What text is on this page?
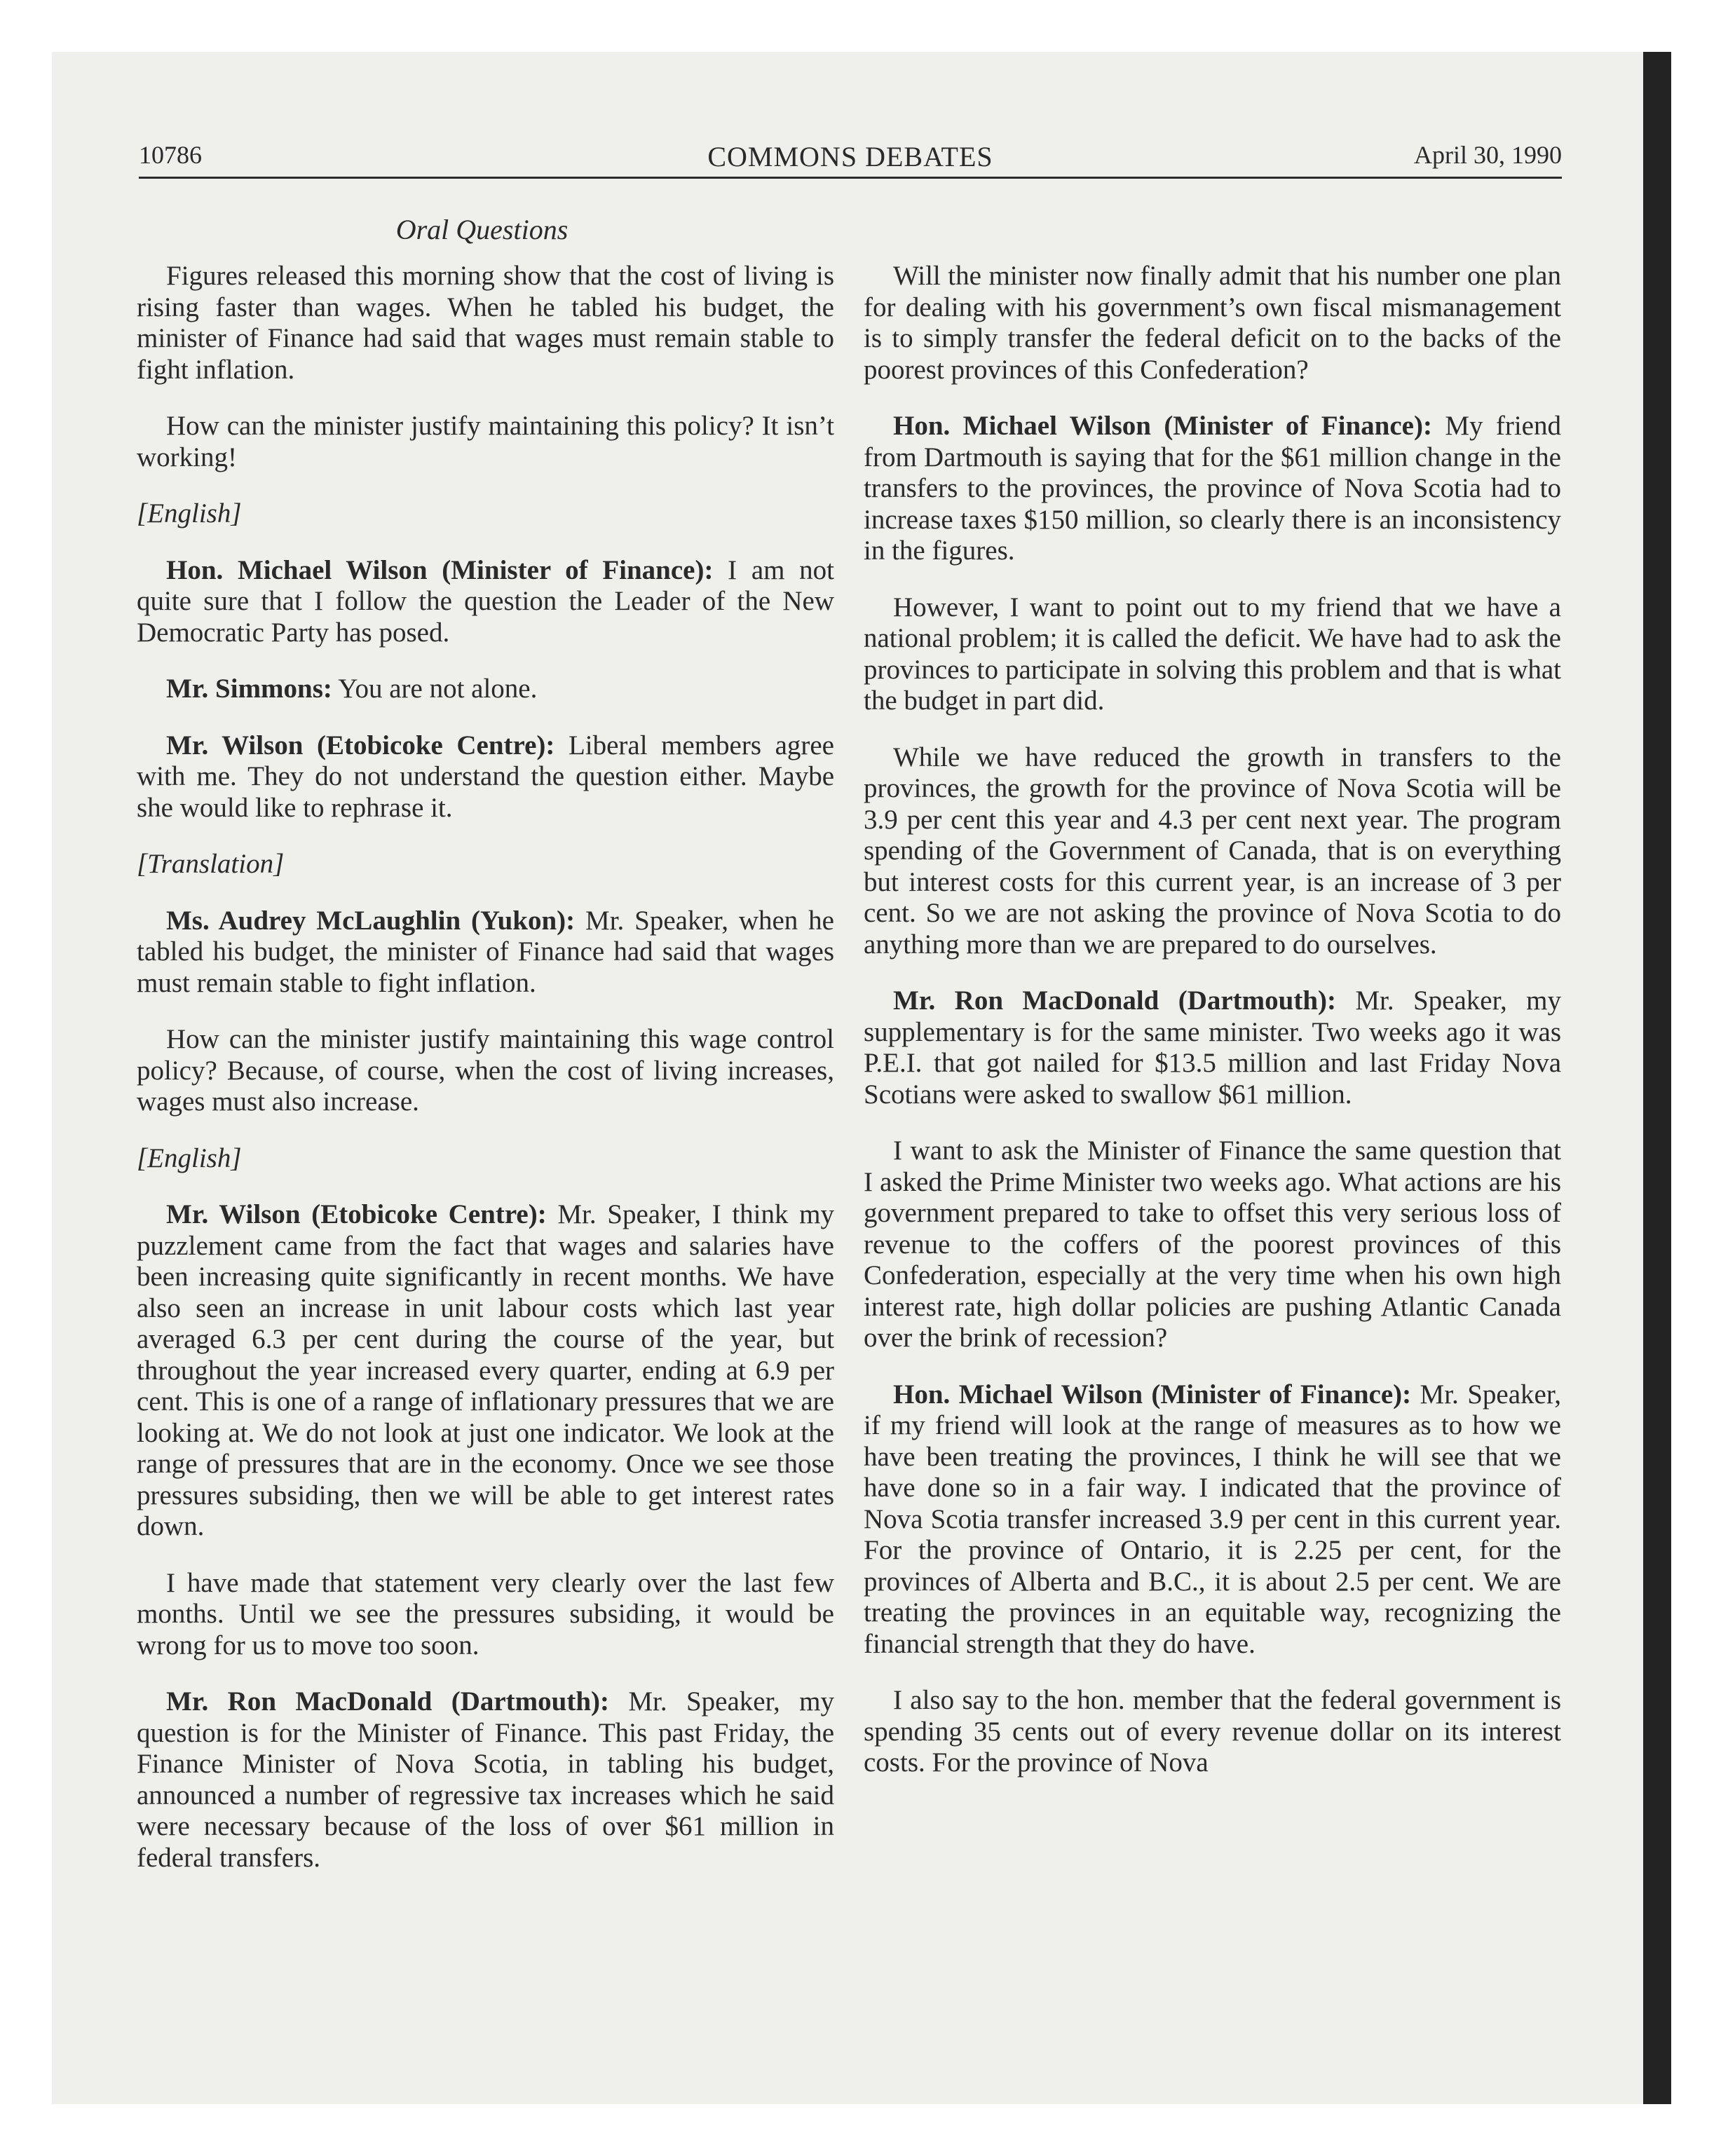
10786	COMMONS DEBATES	April 30, 1990
Oral Questions

Figures released this morning show that the cost of living is rising faster than wages. When he tabled his budget, the minister of Finance had said that wages must remain stable to fight inflation.

How can the minister justify maintaining this policy? It isn’t working!

[English]

Hon. Michael Wilson (Minister of Finance): I am not quite sure that I follow the question the Leader of the New Democratic Party has posed.

Mr. Simmons: You are not alone.

Mr. Wilson (Etobicoke Centre): Liberal members agree with me. They do not understand the question either. Maybe she would like to rephrase it.

[Translation]

Ms. Audrey McLaughlin (Yukon): Mr. Speaker, when he tabled his budget, the minister of Finance had said that wages must remain stable to fight inflation.

How can the minister justify maintaining this wage control policy? Because, of course, when the cost of living increases, wages must also increase.

[English]

Mr. Wilson (Etobicoke Centre): Mr. Speaker, I think my puzzlement came from the fact that wages and salaries have been increasing quite significantly in recent months. We have also seen an increase in unit labour costs which last year averaged 6.3 per cent during the course of the year, but throughout the year increased every quarter, ending at 6.9 per cent. This is one of a range of inflationary pressures that we are looking at. We do not look at just one indicator. We look at the range of pressures that are in the economy. Once we see those pressures subsiding, then we will be able to get interest rates down.

I have made that statement very clearly over the last few months. Until we see the pressures subsiding, it would be wrong for us to move too soon.

Mr. Ron MacDonald (Dartmouth): Mr. Speaker, my question is for the Minister of Finance. This past Friday, the Finance Minister of Nova Scotia, in tabling his budget, announced a number of regressive tax increases which he said were necessary because of the loss of over $61 million in federal transfers.

Will the minister now finally admit that his number one plan for dealing with his government’s own fiscal mismanagement is to simply transfer the federal deficit on to the backs of the poorest provinces of this Confederation?

Hon. Michael Wilson (Minister of Finance): My friend from Dartmouth is saying that for the $61 million change in the transfers to the provinces, the province of Nova Scotia had to increase taxes $150 million, so clearly there is an inconsistency in the figures.

However, I want to point out to my friend that we have a national problem; it is called the deficit. We have had to ask the provinces to participate in solving this problem and that is what the budget in part did.

While we have reduced the growth in transfers to the provinces, the growth for the province of Nova Scotia will be 3.9 per cent this year and 4.3 per cent next year. The program spending of the Government of Canada, that is on everything but interest costs for this current year, is an increase of 3 per cent. So we are not asking the province of Nova Scotia to do anything more than we are prepared to do ourselves.

Mr. Ron MacDonald (Dartmouth): Mr. Speaker, my supplementary is for the same minister. Two weeks ago it was P.E.I. that got nailed for $13.5 million and last Friday Nova Scotians were asked to swallow $61 million.

I want to ask the Minister of Finance the same question that I asked the Prime Minister two weeks ago. What actions are his government prepared to take to offset this very serious loss of revenue to the coffers of the poorest provinces of this Confederation, especially at the very time when his own high interest rate, high dollar policies are pushing Atlantic Canada over the brink of recession?

Hon. Michael Wilson (Minister of Finance): Mr. Speaker, if my friend will look at the range of measures as to how we have been treating the provinces, I think he will see that we have done so in a fair way. I indicated that the province of Nova Scotia transfer increased 3.9 per cent in this current year. For the province of Ontario, it is 2.25 per cent, for the provinces of Alberta and B.C., it is about 2.5 per cent. We are treating the provinces in an equitable way, recognizing the financial strength that they do have.

I also say to the hon. member that the federal government is spending 35 cents out of every revenue dollar on its interest costs. For the province of Nova
